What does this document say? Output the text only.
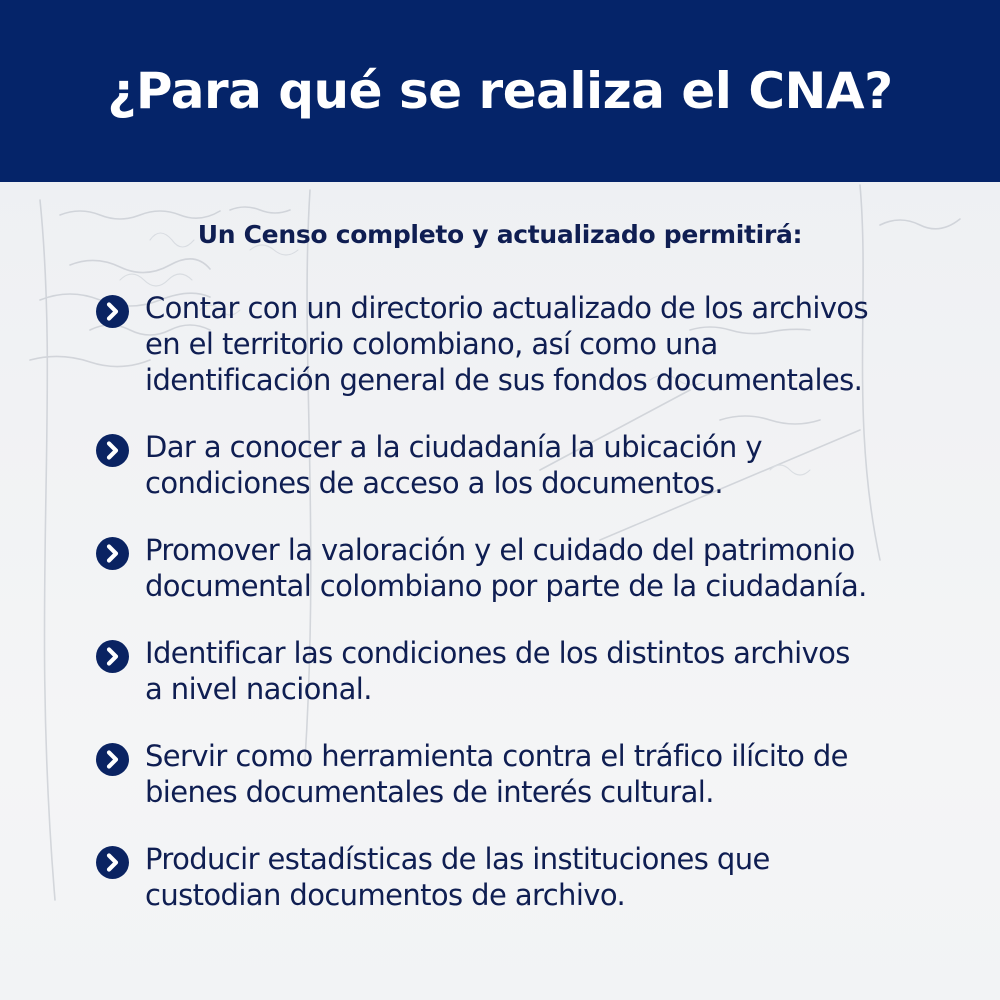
¿Para qué se realiza el CNA?

Un Censo completo y actualizado permitirá:

Contar con un directorio actualizado de los archivos
en el territorio colombiano, así como una
identificación general de sus fondos documentales.
Dar a conocer a la ciudadanía la ubicación y
condiciones de acceso a los documentos.
Promover la valoración y el cuidado del patrimonio
documental colombiano por parte de la ciudadanía.
Identificar las condiciones de los distintos archivos
a nivel nacional.
Servir como herramienta contra el tráfico ilícito de
bienes documentales de interés cultural.
Producir estadísticas de las instituciones que
custodian documentos de archivo.
